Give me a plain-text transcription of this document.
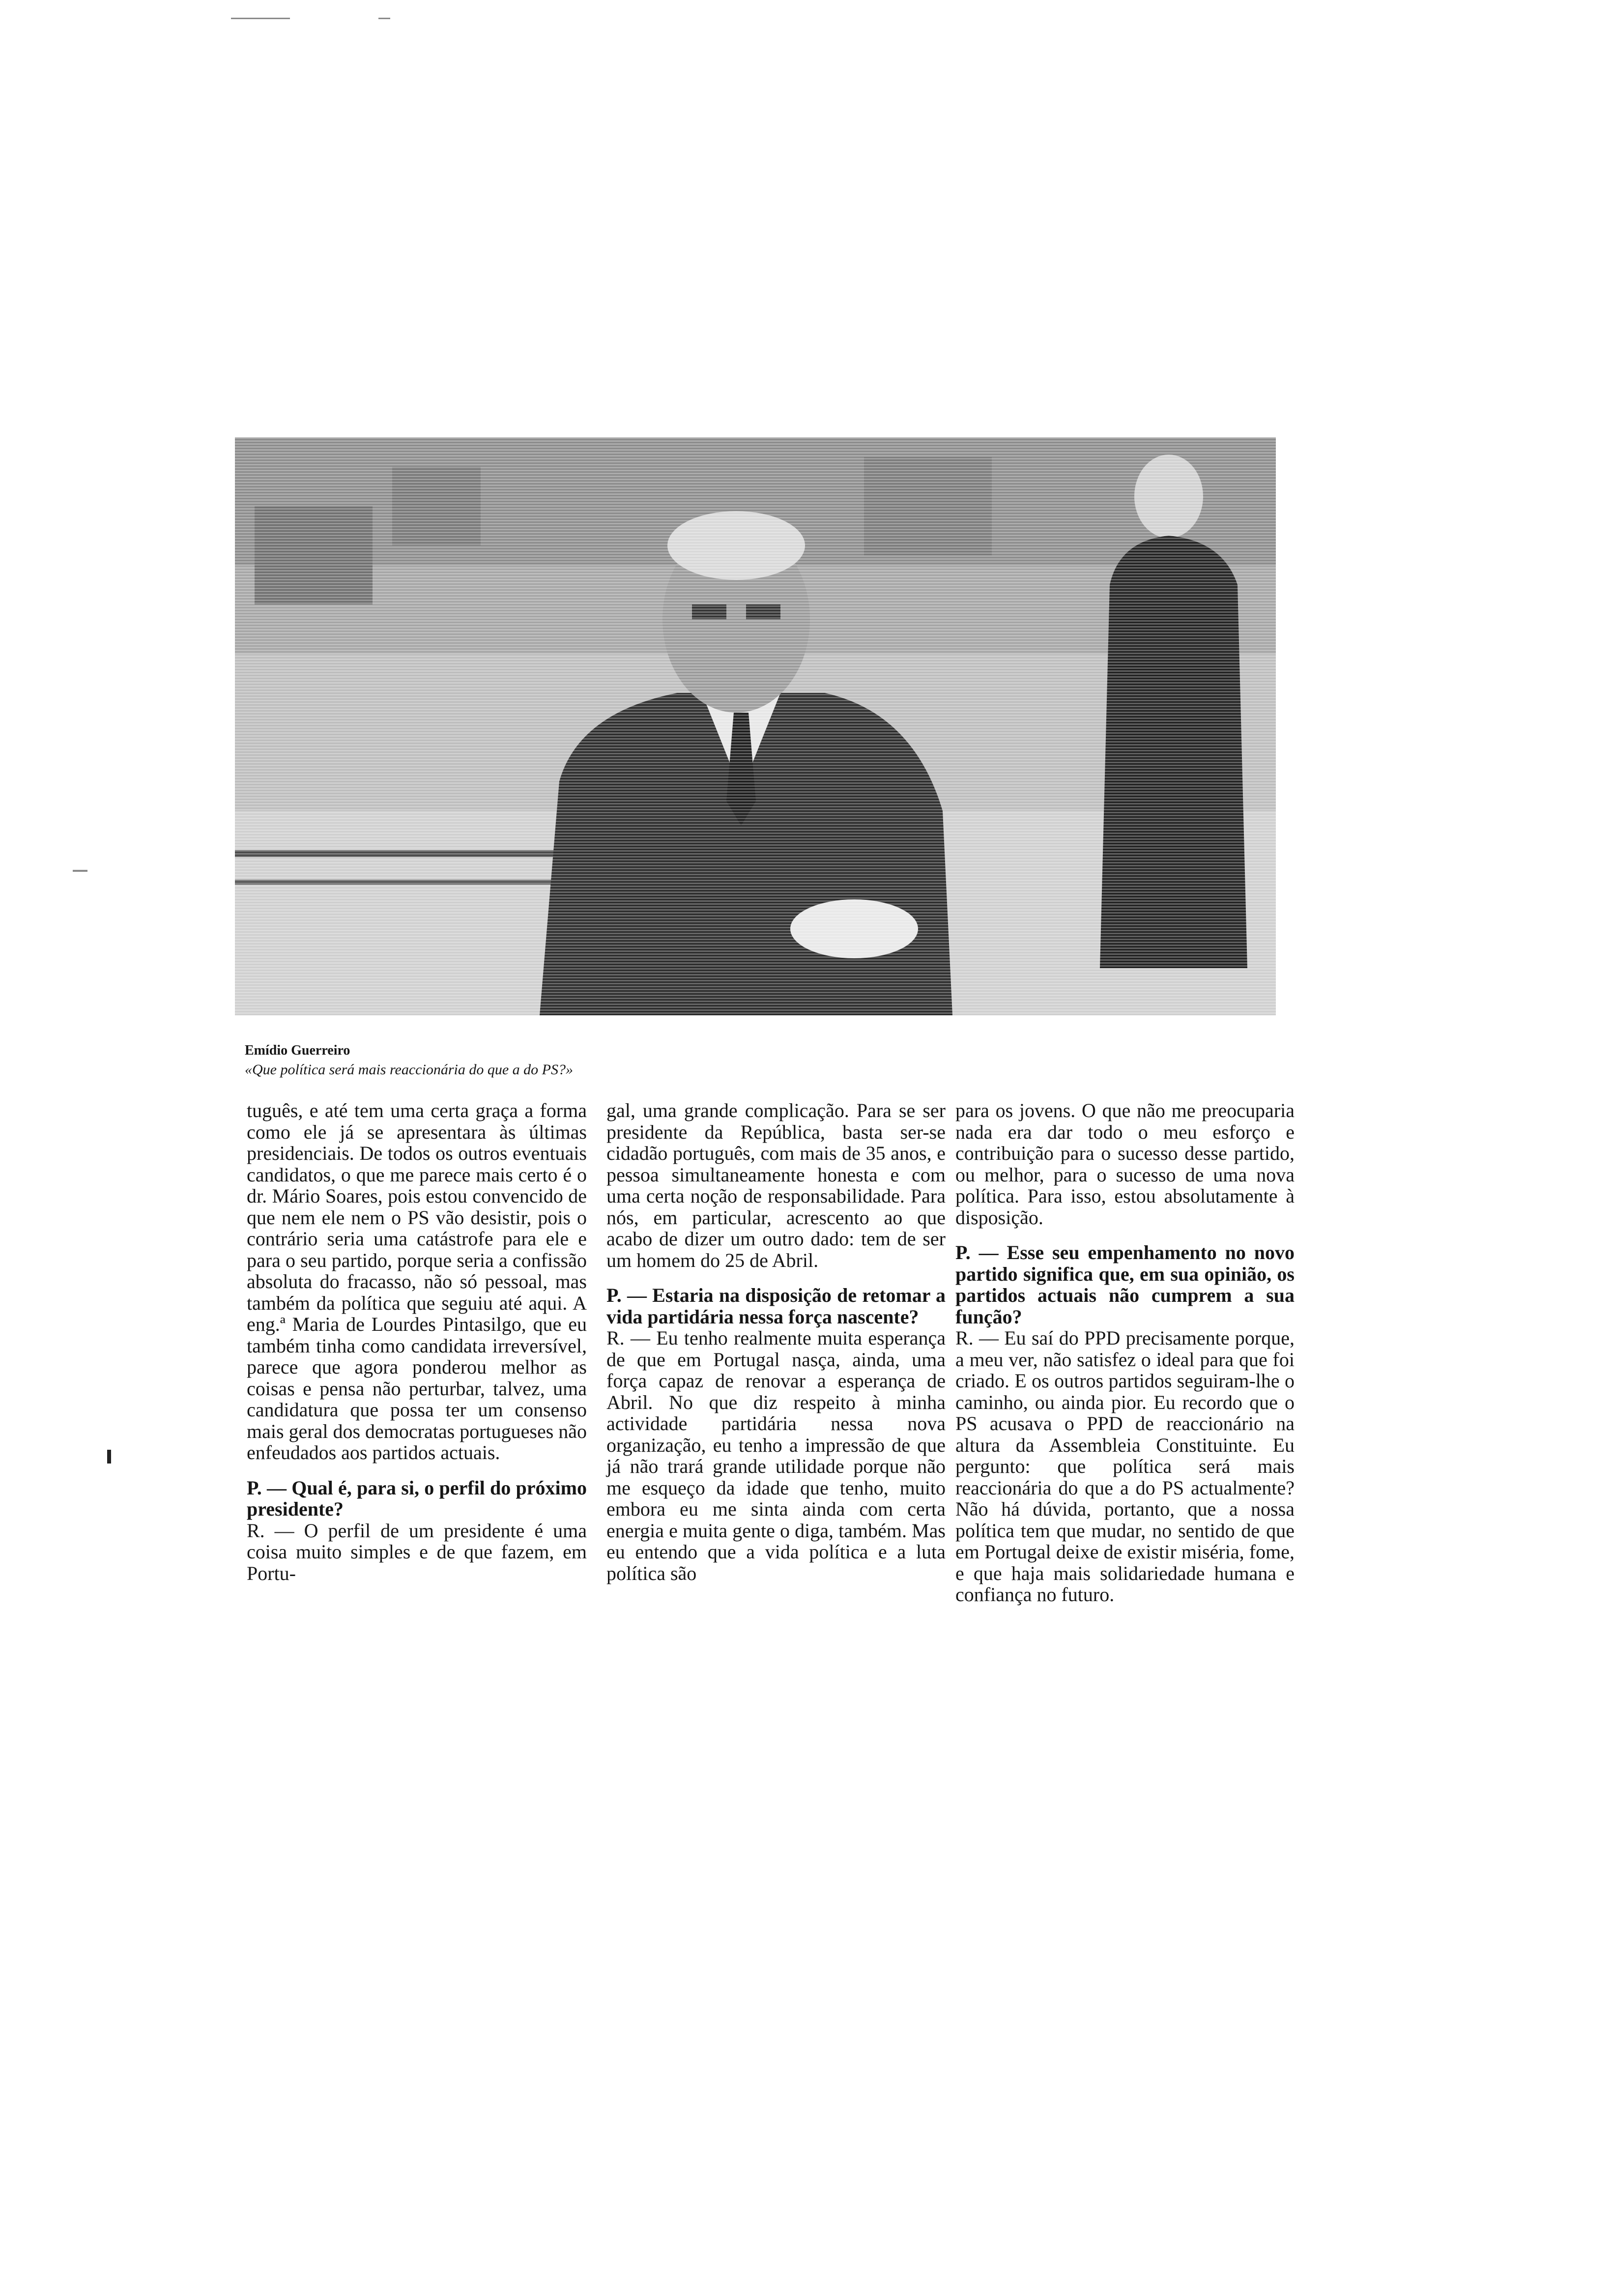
Emídio Guerreiro
«Que política será mais reaccionária do que a do PS?»

tuguês, e até tem uma certa graça a forma como ele já se apresentara às últimas presidenciais. De todos os outros eventuais candidatos, o que me parece mais certo é o dr. Mário Soares, pois estou convencido de que nem ele nem o PS vão desistir, pois o contrário seria uma catástrofe para ele e para o seu partido, porque seria a confissão absoluta do fracasso, não só pessoal, mas também da política que seguiu até aqui. A eng.ª Maria de Lourdes Pintasilgo, que eu também tinha como candidata irreversível, parece que agora ponderou melhor as coisas e pensa não perturbar, talvez, uma candidatura que possa ter um consenso mais geral dos democratas portugueses não enfeudados aos partidos actuais.

P. — Qual é, para si, o perfil do próximo presidente?

R. — O perfil de um presidente é uma coisa muito simples e de que fazem, em Portu-

gal, uma grande complicação. Para se ser presidente da República, basta ser-se cidadão português, com mais de 35 anos, e pessoa simultaneamente honesta e com uma certa noção de responsabilidade. Para nós, em particular, acrescento ao que acabo de dizer um outro dado: tem de ser um homem do 25 de Abril.

P. — Estaria na disposição de retomar a vida partidária nessa força nascente?

R. — Eu tenho realmente muita esperança de que em Portugal nasça, ainda, uma força capaz de renovar a esperança de Abril. No que diz respeito à minha actividade partidária nessa nova organização, eu tenho a impressão de que já não trará grande utilidade porque não me esqueço da idade que tenho, muito embora eu me sinta ainda com certa energia e muita gente o diga, também. Mas eu entendo que a vida política e a luta política são

para os jovens. O que não me preocuparia nada era dar todo o meu esforço e contribuição para o sucesso desse partido, ou melhor, para o sucesso de uma nova política. Para isso, estou absolutamente à disposição.

P. — Esse seu empenhamento no novo partido significa que, em sua opinião, os partidos actuais não cumprem a sua função?

R. — Eu saí do PPD precisamente porque, a meu ver, não satisfez o ideal para que foi criado. E os outros partidos seguiram-lhe o caminho, ou ainda pior. Eu recordo que o PS acusava o PPD de reaccionário na altura da Assembleia Constituinte. Eu pergunto: que política será mais reaccionária do que a do PS actualmente? Não há dúvida, portanto, que a nossa política tem que mudar, no sentido de que em Portugal deixe de existir miséria, fome, e que haja mais solidariedade humana e confiança no futuro.
